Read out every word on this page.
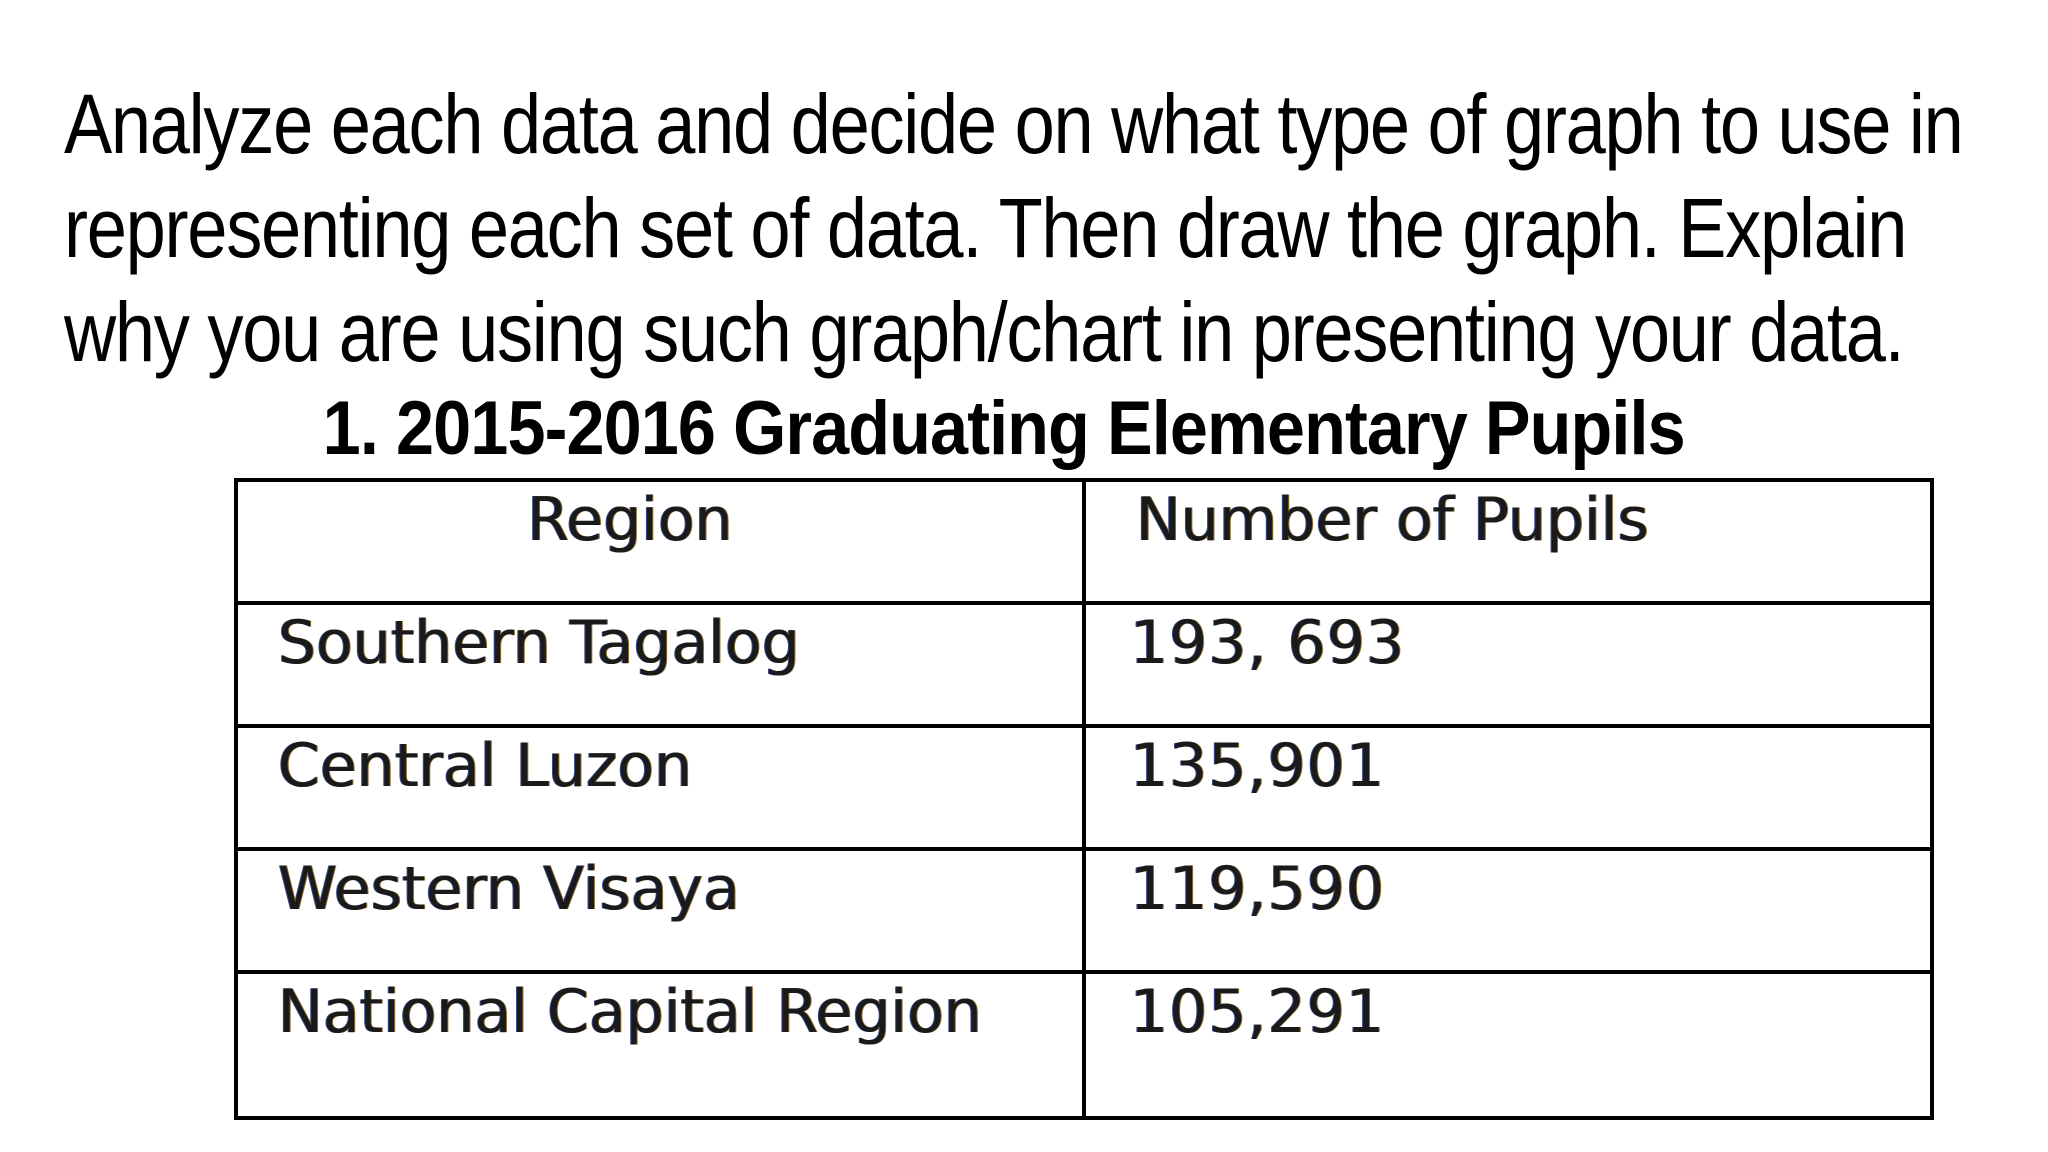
Analyze each data and decide on what type of graph to use in
representing each set of data. Then draw the graph. Explain
why you are using such graph/chart in presenting your data.
1. 2015-2016 Graduating Elementary Pupils
Region	Number of Pupils
Southern Tagalog	193, 693
Central Luzon	135,901
Western Visaya	119,590
National Capital Region	105,291
